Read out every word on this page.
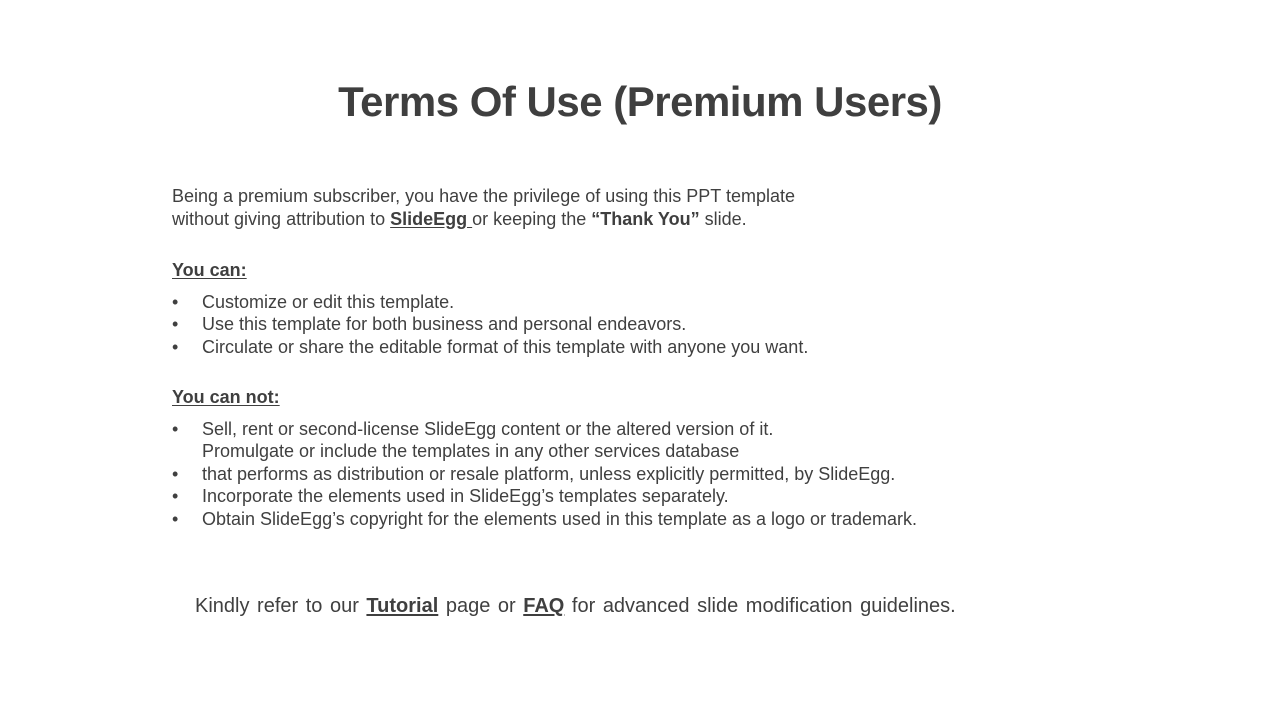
Terms Of Use (Premium Users)

Being a premium subscriber, you have the privilege of using this PPT template
without giving attribution to SlideEgg or keeping the “Thank You” slide.

You can:
• Customize or edit this template.
• Use this template for both business and personal endeavors.
• Circulate or share the editable format of this template with anyone you want.
You can not:
• Sell, rent or second-license SlideEgg content or the altered version of it.
Promulgate or include the templates in any other services database
• that performs as distribution or resale platform, unless explicitly permitted, by SlideEgg.
• Incorporate the elements used in SlideEgg’s templates separately.
• Obtain SlideEgg’s copyright for the elements used in this template as a logo or trademark.
Kindly refer to our Tutorial page or FAQ for advanced slide modification guidelines.
